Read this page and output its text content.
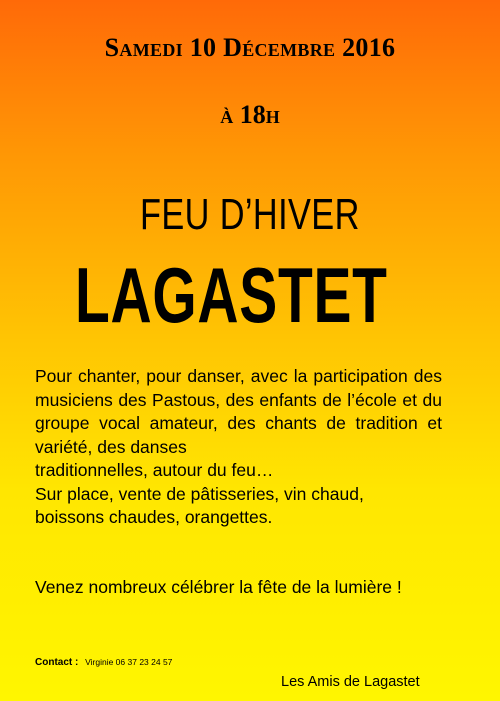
Samedi 10 Décembre 2016
à 18h
FEU D’HIVER
LAGASTET

Pour chanter, pour danser, avec la participation des musiciens des Pastous, des enfants de l’école et du groupe vocal amateur, des chants de tradition et variété, des danses

traditionnelles, autour du feu…

Sur place, vente de pâtisseries, vin chaud,

boissons chaudes, orangettes.

Venez nombreux célébrer la fête de la lumière !
Contact : Virginie 06 37 23 24 57
Les Amis de Lagastet
